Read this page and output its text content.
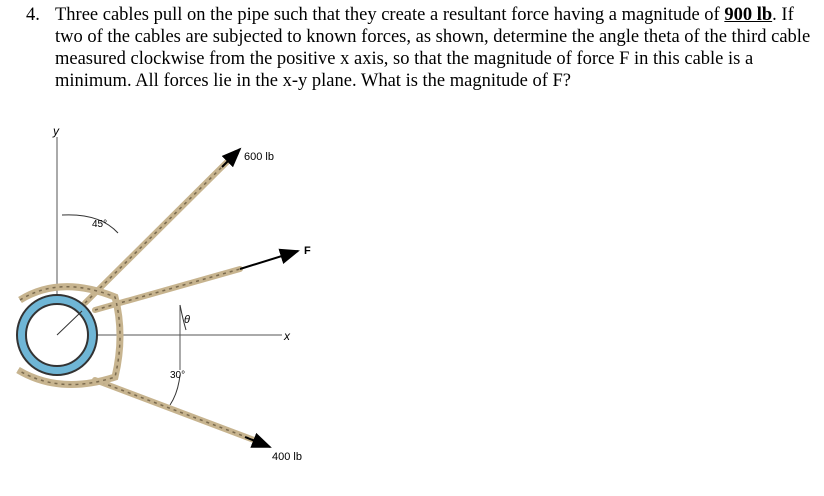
4. Three cables pull on the pipe such that they create a resultant force having a magnitude of 900 lb. If two of the cables are subjected to known forces, as shown, determine the angle theta of the third cable measured clockwise from the positive x axis, so that the magnitude of force F in this cable is a minimum. All forces lie in the x-y plane. What is the magnitude of F?
y
x
45°
θ
30°
600 lb
F
400 lb
